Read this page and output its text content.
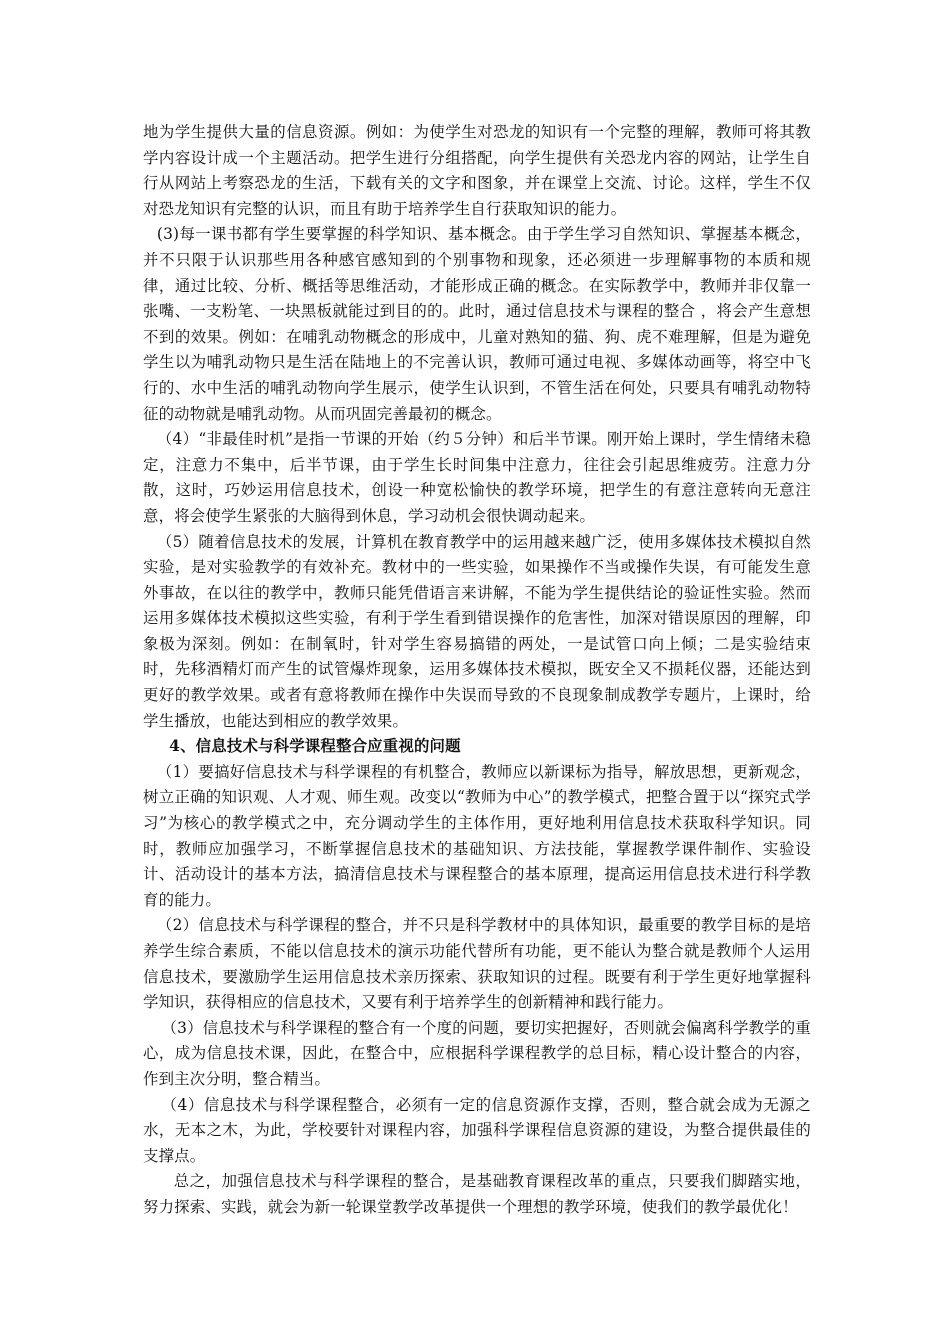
地为学生提供大量的信息资源。例如：为使学生对恐龙的知识有一个完整的理解，教师可将其教学内容设计成一个主题活动。把学生进行分组搭配，向学生提供有关恐龙内容的网站，让学生自行从网站上考察恐龙的生活，下载有关的文字和图象，并在课堂上交流、讨论。这样，学生不仅对恐龙知识有完整的认识，而且有助于培养学生自行获取知识的能力。

(3)每一课书都有学生要掌握的科学知识、基本概念。由于学生学习自然知识、掌握基本概念，并不只限于认识那些用各种感官感知到的个别事物和现象，还必须进一步理解事物的本质和规律，通过比较、分析、概括等思维活动，才能形成正确的概念。在实际教学中，教师并非仅靠一张嘴、一支粉笔、一块黑板就能过到目的的。此时，通过信息技术与课程的整合 ，将会产生意想不到的效果。例如：在哺乳动物概念的形成中，儿童对熟知的猫、狗、虎不难理解，但是为避免学生以为哺乳动物只是生活在陆地上的不完善认识，教师可通过电视、多媒体动画等，将空中飞行的、水中生活的哺乳动物向学生展示，使学生认识到，不管生活在何处，只要具有哺乳动物特征的动物就是哺乳动物。从而巩固完善最初的概念。

（4）“非最佳时机”是指一节课的开始（约５分钟）和后半节课。刚开始上课时，学生情绪未稳定，注意力不集中，后半节课，由于学生长时间集中注意力，往往会引起思维疲劳。注意力分散，这时，巧妙运用信息技术，创设一种宽松愉快的教学环境，把学生的有意注意转向无意注意，将会使学生紧张的大脑得到休息，学习动机会很快调动起来。

（5）随着信息技术的发展，计算机在教育教学中的运用越来越广泛，使用多媒体技术模拟自然实验，是对实验教学的有效补充。教材中的一些实验，如果操作不当或操作失误，有可能发生意外事故，在以往的教学中，教师只能凭借语言来讲解，不能为学生提供结论的验证性实验。然而运用多媒体技术模拟这些实验，有利于学生看到错误操作的危害性，加深对错误原因的理解，印象极为深刻。例如：在制氧时，针对学生容易搞错的两处，一是试管口向上倾；二是实验结束时，先移酒精灯而产生的试管爆炸现象，运用多媒体技术模拟，既安全又不损耗仪器，还能达到更好的教学效果。或者有意将教师在操作中失误而导致的不良现象制成教学专题片，上课时，给学生播放，也能达到相应的教学效果。

4、信息技术与科学课程整合应重视的问题

（1）要搞好信息技术与科学课程的有机整合，教师应以新课标为指导，解放思想，更新观念，树立正确的知识观、人才观、师生观。改变以“教师为中心”的教学模式，把整合置于以“探究式学习”为核心的教学模式之中，充分调动学生的主体作用，更好地利用信息技术获取科学知识。同时，教师应加强学习，不断掌握信息技术的基础知识、方法技能，掌握教学课件制作、实验设计、活动设计的基本方法，搞清信息技术与课程整合的基本原理，提高运用信息技术进行科学教育的能力。

（2）信息技术与科学课程的整合，并不只是科学教材中的具体知识，最重要的教学目标的是培养学生综合素质，不能以信息技术的演示功能代替所有功能，更不能认为整合就是教师个人运用信息技术，要激励学生运用信息技术亲历探索、获取知识的过程。既要有利于学生更好地掌握科学知识，获得相应的信息技术，又要有利于培养学生的创新精神和践行能力。

（3）信息技术与科学课程的整合有一个度的问题，要切实把握好，否则就会偏离科学教学的重心，成为信息技术课，因此，在整合中，应根据科学课程教学的总目标，精心设计整合的内容，作到主次分明，整合精当。

（4）信息技术与科学课程整合，必须有一定的信息资源作支撑，否则，整合就会成为无源之水，无本之木，为此，学校要针对课程内容，加强科学课程信息资源的建设，为整合提供最佳的支撑点。

总之，加强信息技术与科学课程的整合，是基础教育课程改革的重点，只要我们脚踏实地，努力探索、实践，就会为新一轮课堂教学改革提供一个理想的教学环境，使我们的教学最优化！
